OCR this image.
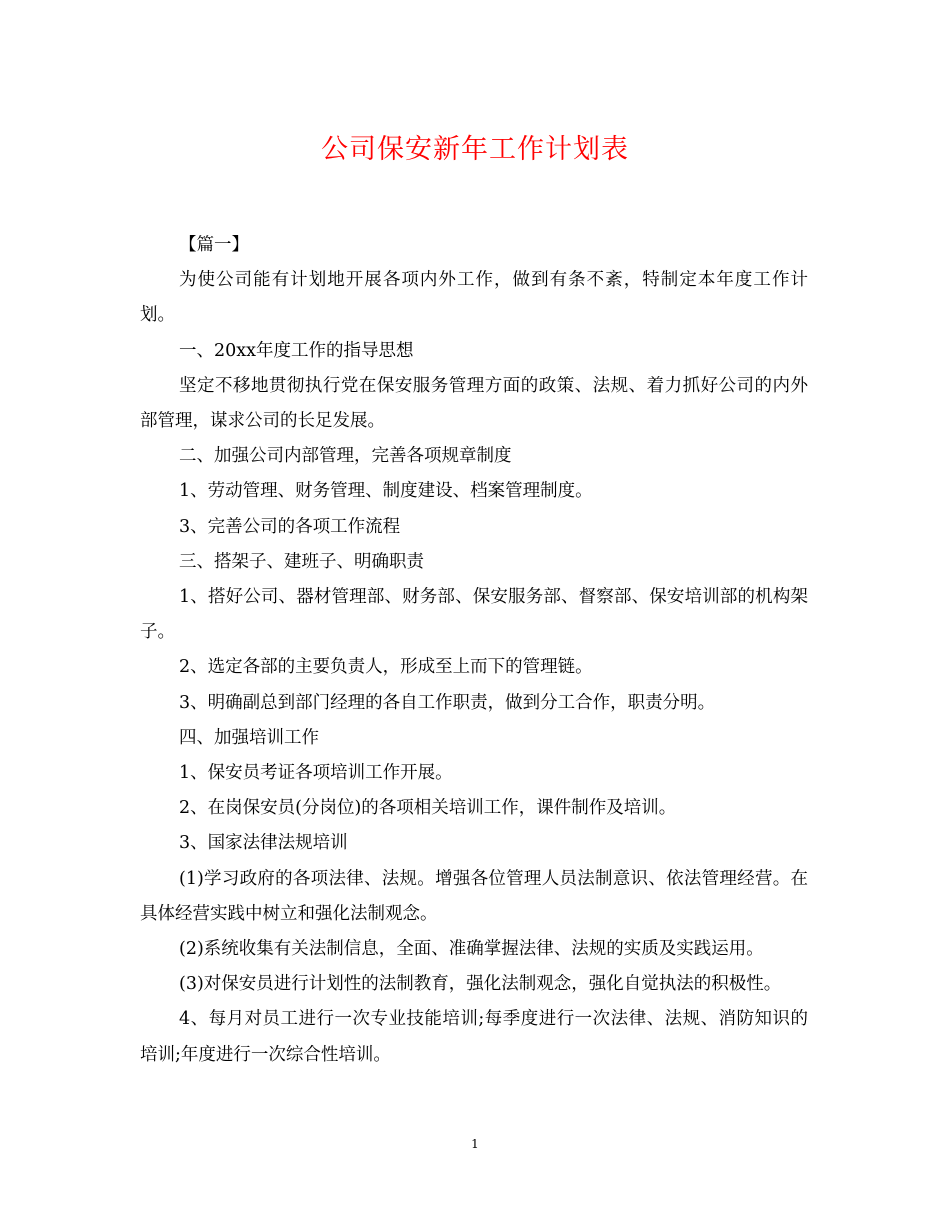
公司保安新年工作计划表

【篇一】

为使公司能有计划地开展各项内外工作，做到有条不紊，特制定本年度工作计划。

一、20xx年度工作的指导思想

坚定不移地贯彻执行党在保安服务管理方面的政策、法规、着力抓好公司的内外部管理，谋求公司的长足发展。

二、加强公司内部管理，完善各项规章制度

1、劳动管理、财务管理、制度建设、档案管理制度。

3、完善公司的各项工作流程

三、搭架子、建班子、明确职责

1、搭好公司、器材管理部、财务部、保安服务部、督察部、保安培训部的机构架子。

2、选定各部的主要负责人，形成至上而下的管理链。

3、明确副总到部门经理的各自工作职责，做到分工合作，职责分明。

四、加强培训工作

1、保安员考证各项培训工作开展。

2、在岗保安员(分岗位)的各项相关培训工作，课件制作及培训。

3、国家法律法规培训

(1)学习政府的各项法律、法规。增强各位管理人员法制意识、依法管理经营。在具体经营实践中树立和强化法制观念。

(2)系统收集有关法制信息，全面、准确掌握法律、法规的实质及实践运用。

(3)对保安员进行计划性的法制教育，强化法制观念，强化自觉执法的积极性。

4、每月对员工进行一次专业技能培训;每季度进行一次法律、法规、消防知识的培训;年度进行一次综合性培训。

1
